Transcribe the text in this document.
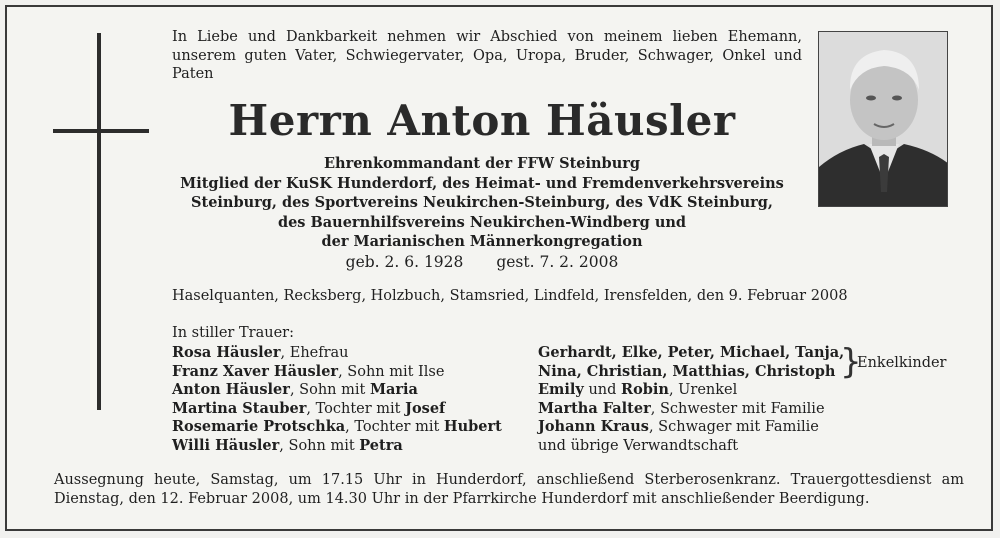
In Liebe und Dankbarkeit nehmen wir Abschied von meinem lieben Ehemann, unserem guten Vater, Schwiegervater, Opa, Uropa, Bruder, Schwager, Onkel und Paten
Herrn Anton Häusler
Ehrenkommandant der FFW Steinburg
Mitglied der KuSK Hunderdorf, des Heimat- und Fremdenverkehrsvereins
Steinburg, des Sportvereins Neukirchen-Steinburg, des VdK Steinburg,
des Bauernhilfsvereins Neukirchen-Windberg und
der Marianischen Männerkongregation
geb. 2. 6. 1928 gest. 7. 2. 2008
Haselquanten, Recksberg, Holzbuch, Stamsried, Lindfeld, Irensfelden, den 9. Februar 2008
In stiller Trauer:
Rosa Häusler, Ehefrau
Franz Xaver Häusler, Sohn mit Ilse
Anton Häusler, Sohn mit Maria
Martina Stauber, Tochter mit Josef
Rosemarie Protschka, Tochter mit Hubert
Willi Häusler, Sohn mit Petra
Gerhardt, Elke, Peter, Michael, Tanja,
Nina, Christian, Matthias, Christoph
Emily und Robin, Urenkel
Martha Falter, Schwester mit Familie
Johann Kraus, Schwager mit Familie
und übrige Verwandtschaft
}
Enkelkinder
Aussegnung heute, Samstag, um 17.15 Uhr in Hunderdorf, anschließend Sterberosenkranz. Trauergottesdienst am Dienstag, den 12. Februar 2008, um 14.30 Uhr in der Pfarrkirche Hunderdorf mit anschließender Beerdigung.
